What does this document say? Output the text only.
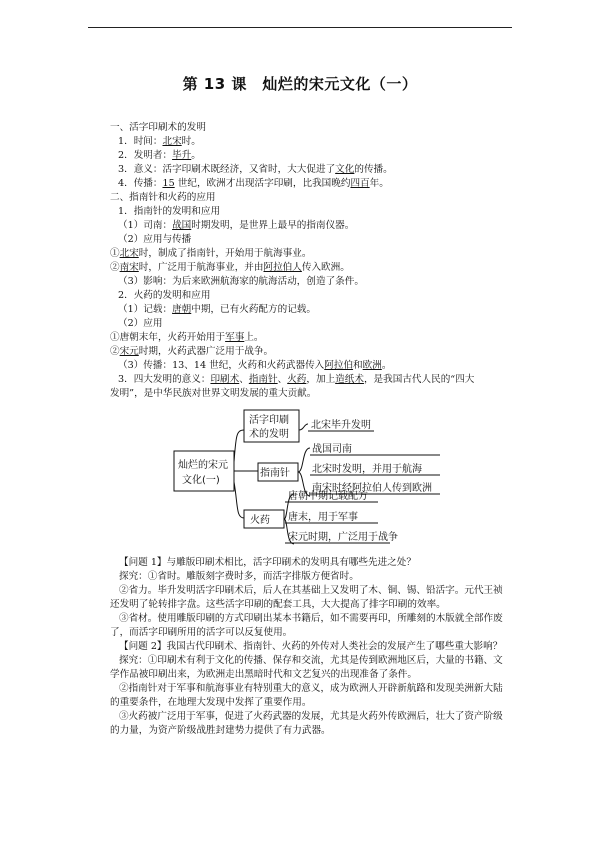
第 13 课　灿烂的宋元文化（一）
一、活字印刷术的发明
1．时间：北宋时。
2．发明者：毕升。
3．意义：活字印刷术既经济，又省时，大大促进了文化的传播。
4．传播：15 世纪，欧洲才出现活字印刷，比我国晚约四百年。
二、指南针和火药的应用
1．指南针的发明和应用
（1）司南：战国时期发明，是世界上最早的指南仪器。
（2）应用与传播
①北宋时，制成了指南针，开始用于航海事业。
②南宋时，广泛用于航海事业，并由阿拉伯人传入欧洲。
（3）影响：为后来欧洲航海家的航海活动，创造了条件。
2．火药的发明和应用
（1）记载：唐朝中期，已有火药配方的记载。
（2）应用
①唐朝末年，火药开始用于军事上。
②宋元时期，火药武器广泛用于战争。
（3）传播：13、14 世纪，火药和火药武器传入阿拉伯和欧洲。
3．四大发明的意义：印刷术、指南针、火药，加上造纸术，是我国古代人民的“四大
发明”，是中华民族对世界文明发展的重大贡献。
灿烂的宋元
文化(一)
活字印刷
术的发明
北宋毕升发明
指南针
战国司南
北宋时发明，并用于航海
南宋时经阿拉伯人传到欧洲
火药
唐朝中期记载配方
唐末，用于军事
宋元时期，广泛用于战争

【问题 1】与雕版印刷术相比，活字印刷术的发明具有哪些先进之处？

探究：①省时。雕版刻字费时多，而活字排版方便省时。

②省力。毕升发明活字印刷术后，后人在其基础上又发明了木、铜、锡、铅活字。元代王祯还发明了轮转排字盘。这些活字印刷的配套工具，大大提高了排字印刷的效率。

③省材。使用雕版印刷的方式印刷出某本书籍后，如不需要再印，所雕刻的木版就全部作废了，而活字印刷所用的活字可以反复使用。

【问题 2】我国古代印刷术、指南针、火药的外传对人类社会的发展产生了哪些重大影响？

探究：①印刷术有利于文化的传播、保存和交流，尤其是传到欧洲地区后，大量的书籍、文学作品被印刷出来，为欧洲走出黑暗时代和文艺复兴的出现准备了条件。

②指南针对于军事和航海事业有特别重大的意义，成为欧洲人开辟新航路和发现美洲新大陆的重要条件，在地理大发现中发挥了重要作用。

③火药被广泛用于军事，促进了火药武器的发展，尤其是火药外传欧洲后，壮大了资产阶级的力量，为资产阶级战胜封建势力提供了有力武器。
